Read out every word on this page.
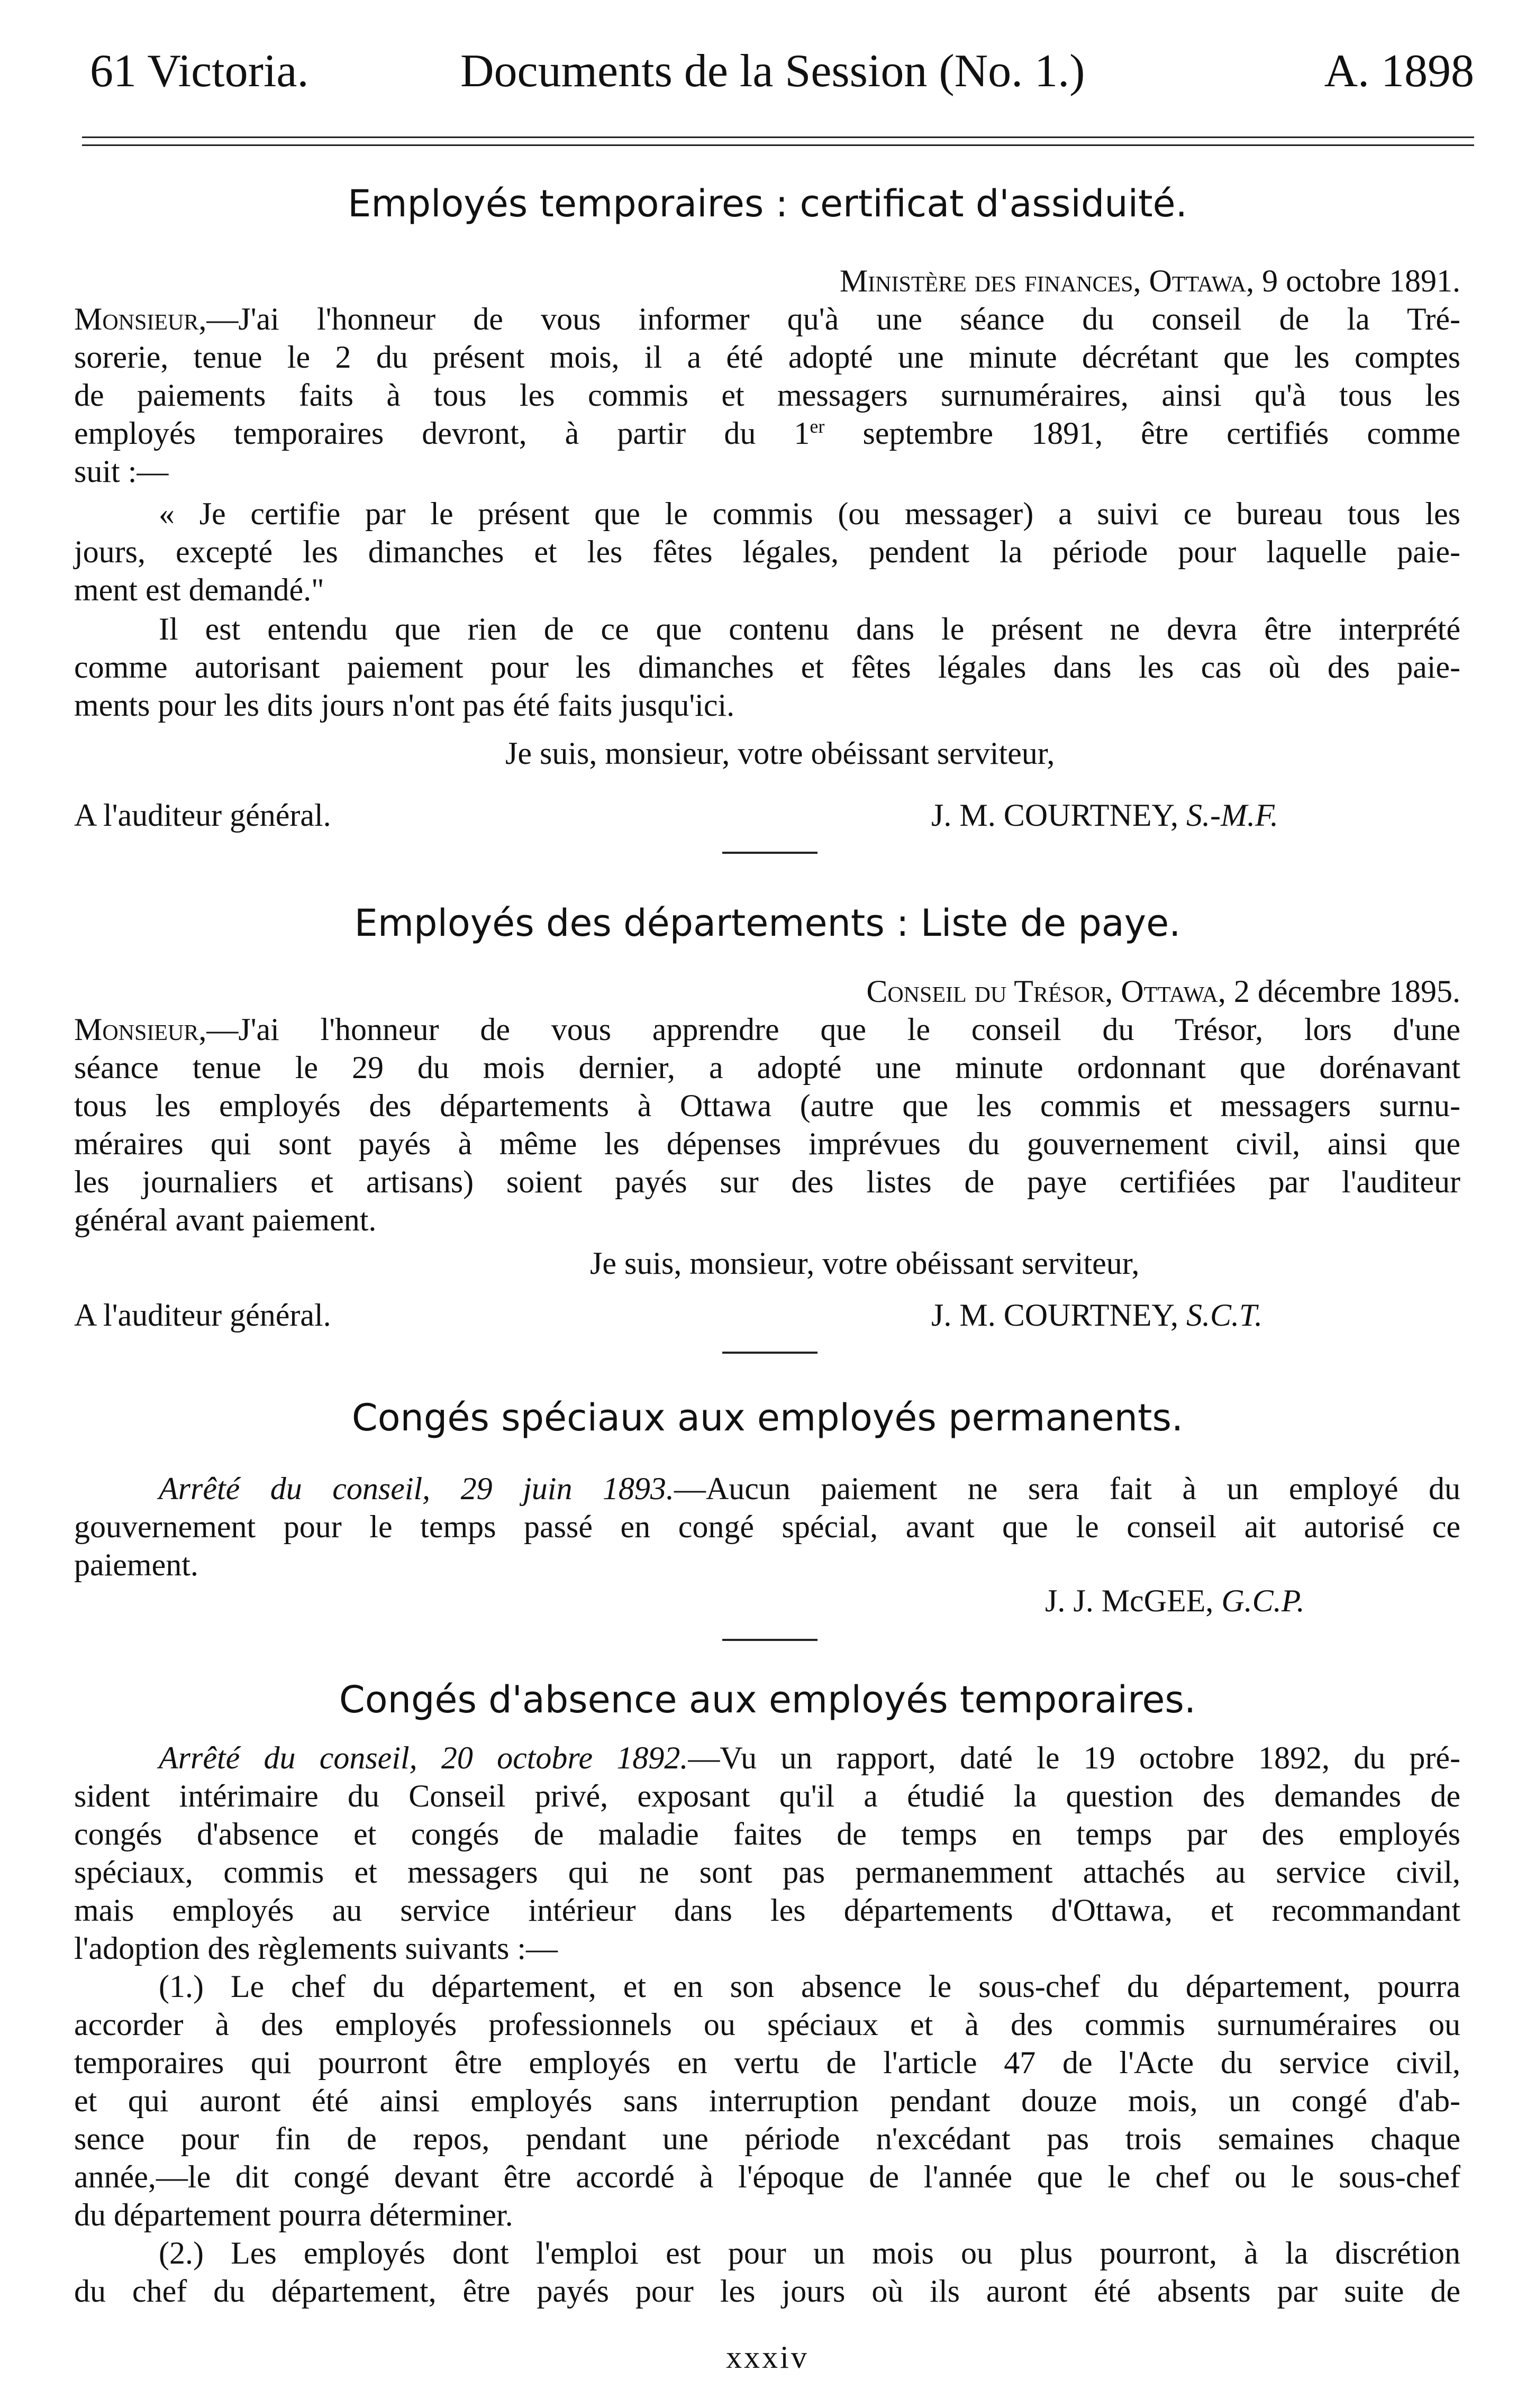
61 Victoria.	Documents de la Session (No. 1.)	A. 1898
Employés temporaires : certificat d'assiduité.
Ministère des finances, Ottawa, 9 octobre 1891.
Monsieur,—J'ai l'honneur de vous informer qu'à une séance du conseil de la Tré-
sorerie, tenue le 2 du présent mois, il a été adopté une minute décrétant que les comptes
de paiements faits à tous les commis et messagers surnuméraires, ainsi qu'à tous les
employés temporaires devront, à partir du 1er septembre 1891, être certifiés comme
suit :—
« Je certifie par le présent que le commis (ou messager) a suivi ce bureau tous les
jours, excepté les dimanches et les fêtes légales, pendent la période pour laquelle paie-
ment est demandé."
Il est entendu que rien de ce que contenu dans le présent ne devra être interprété
comme autorisant paiement pour les dimanches et fêtes légales dans les cas où des paie-
ments pour les dits jours n'ont pas été faits jusqu'ici.
Je suis, monsieur, votre obéissant serviteur,
A l'auditeur général.	J. M. COURTNEY, S.-M.F.
Employés des départements : Liste de paye.
Conseil du Trésor, Ottawa, 2 décembre 1895.
Monsieur,—J'ai l'honneur de vous apprendre que le conseil du Trésor, lors d'une
séance tenue le 29 du mois dernier, a adopté une minute ordonnant que dorénavant
tous les employés des départements à Ottawa (autre que les commis et messagers surnu-
méraires qui sont payés à même les dépenses imprévues du gouvernement civil, ainsi que
les journaliers et artisans) soient payés sur des listes de paye certifiées par l'auditeur
général avant paiement.
Je suis, monsieur, votre obéissant serviteur,
A l'auditeur général.	J. M. COURTNEY, S.C.T.
Congés spéciaux aux employés permanents.
Arrêté du conseil, 29 juin 1893.—Aucun paiement ne sera fait à un employé du
gouvernement pour le temps passé en congé spécial, avant que le conseil ait autorisé ce
paiement.
J. J. McGEE, G.C.P.
Congés d'absence aux employés temporaires.
Arrêté du conseil, 20 octobre 1892.—Vu un rapport, daté le 19 octobre 1892, du pré-
sident intérimaire du Conseil privé, exposant qu'il a étudié la question des demandes de
congés d'absence et congés de maladie faites de temps en temps par des employés
spéciaux, commis et messagers qui ne sont pas permanemment attachés au service civil,
mais employés au service intérieur dans les départements d'Ottawa, et recommandant
l'adoption des règlements suivants :—
(1.) Le chef du département, et en son absence le sous-chef du département, pourra
accorder à des employés professionnels ou spéciaux et à des commis surnuméraires ou
temporaires qui pourront être employés en vertu de l'article 47 de l'Acte du service civil,
et qui auront été ainsi employés sans interruption pendant douze mois, un congé d'ab-
sence pour fin de repos, pendant une période n'excédant pas trois semaines chaque
année,—le dit congé devant être accordé à l'époque de l'année que le chef ou le sous-chef
du département pourra déterminer.
(2.) Les employés dont l'emploi est pour un mois ou plus pourront, à la discrétion
du chef du département, être payés pour les jours où ils auront été absents par suite de
xxxiv
